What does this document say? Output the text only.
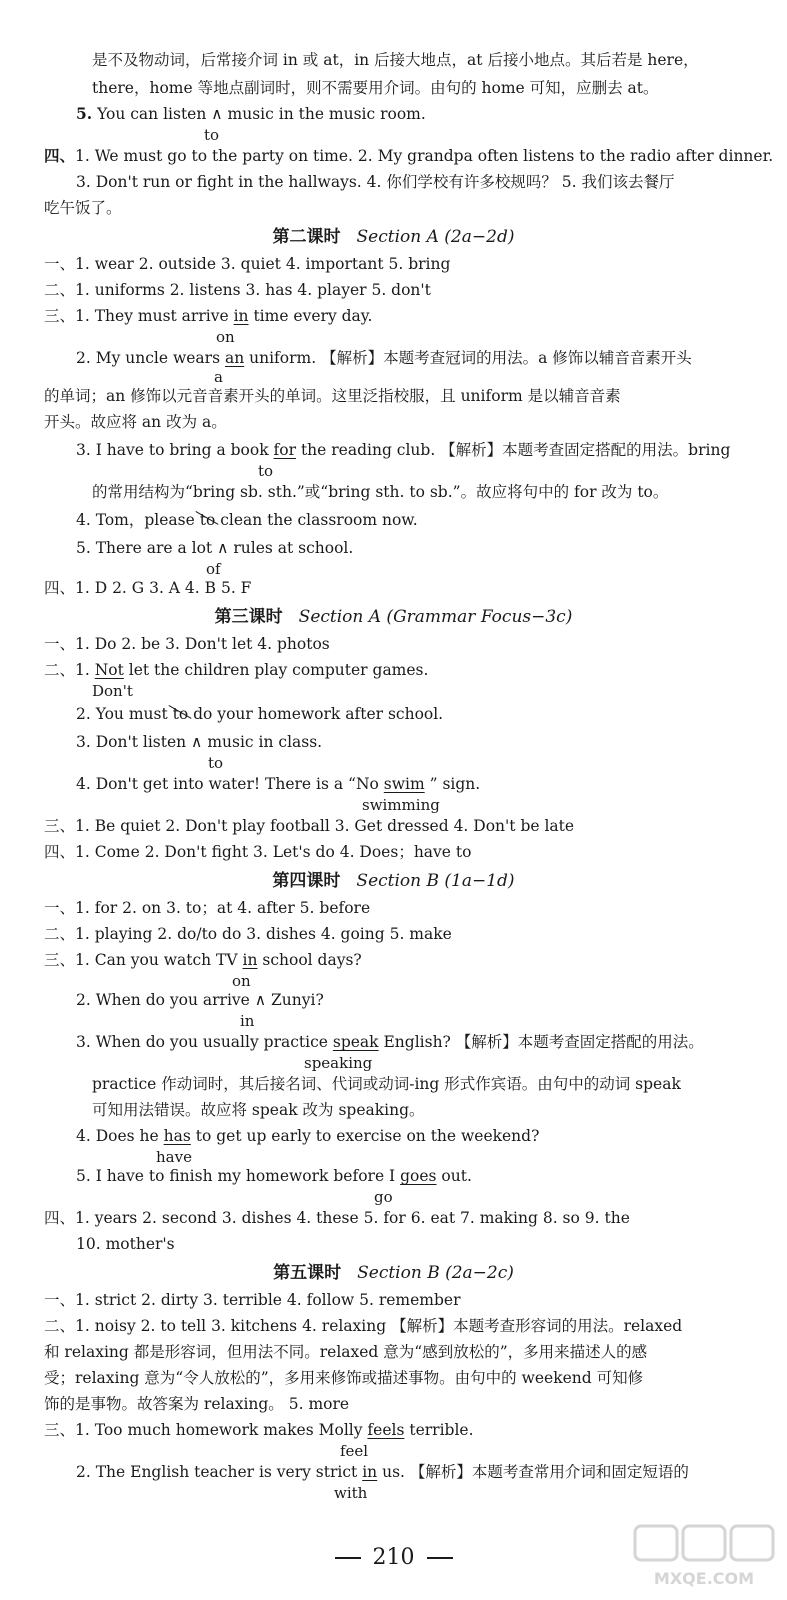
是不及物动词，后常接介词 in 或 at，in 后接大地点，at 后接小地点。其后若是 here，
there，home 等地点副词时，则不需要用介词。由句的 home 可知，应删去 at。
5. You can listen ∧ music in the music room.
to
四、1. We must go to the party on time. 2. My grandpa often listens to the radio after dinner.
3. Don't run or fight in the hallways. 4. 你们学校有许多校规吗？ 5. 我们该去餐厅
吃午饭了。
第二课时 Section A (2a−2d)
一、1. wear 2. outside 3. quiet 4. important 5. bring
二、1. uniforms 2. listens 3. has 4. player 5. don't
三、1. They must arrive in time every day.
on
2. My uncle wears an uniform. 【解析】本题考查冠词的用法。a 修饰以辅音音素开头
a
的单词；an 修饰以元音音素开头的单词。这里泛指校服，且 uniform 是以辅音音素
开头。故应将 an 改为 a。
3. I have to bring a book for the reading club. 【解析】本题考查固定搭配的用法。bring
to
的常用结构为“bring sb. sth.”或“bring sth. to sb.”。故应将句中的 for 改为 to。
4. Tom，please to clean the classroom now.
5. There are a lot ∧ rules at school.
of
四、1. D 2. G 3. A 4. B 5. F
第三课时 Section A (Grammar Focus−3c)
一、1. Do 2. be 3. Don't let 4. photos
二、1. Not let the children play computer games.
Don't
2. You must to do your homework after school.
3. Don't listen ∧ music in class.
to
4. Don't get into water! There is a “No swim ” sign.
swimming
三、1. Be quiet 2. Don't play football 3. Get dressed 4. Don't be late
四、1. Come 2. Don't fight 3. Let's do 4. Does；have to
第四课时 Section B (1a−1d)
一、1. for 2. on 3. to；at 4. after 5. before
二、1. playing 2. do/to do 3. dishes 4. going 5. make
三、1. Can you watch TV in school days?
on
2. When do you arrive ∧ Zunyi?
in
3. When do you usually practice speak English? 【解析】本题考查固定搭配的用法。
speaking
practice 作动词时，其后接名词、代词或动词-ing 形式作宾语。由句中的动词 speak
可知用法错误。故应将 speak 改为 speaking。
4. Does he has to get up early to exercise on the weekend?
have
5. I have to finish my homework before I goes out.
go
四、1. years 2. second 3. dishes 4. these 5. for 6. eat 7. making 8. so 9. the
10. mother's
第五课时 Section B (2a−2c)
一、1. strict 2. dirty 3. terrible 4. follow 5. remember
二、1. noisy 2. to tell 3. kitchens 4. relaxing 【解析】本题考查形容词的用法。relaxed
和 relaxing 都是形容词，但用法不同。relaxed 意为“感到放松的”，多用来描述人的感
受；relaxing 意为“令人放松的”，多用来修饰或描述事物。由句中的 weekend 可知修
饰的是事物。故答案为 relaxing。 5. more
三、1. Too much homework makes Molly feels terrible.
feel
2. The English teacher is very strict in us. 【解析】本题考查常用介词和固定短语的
with
210
MXQE.COM
